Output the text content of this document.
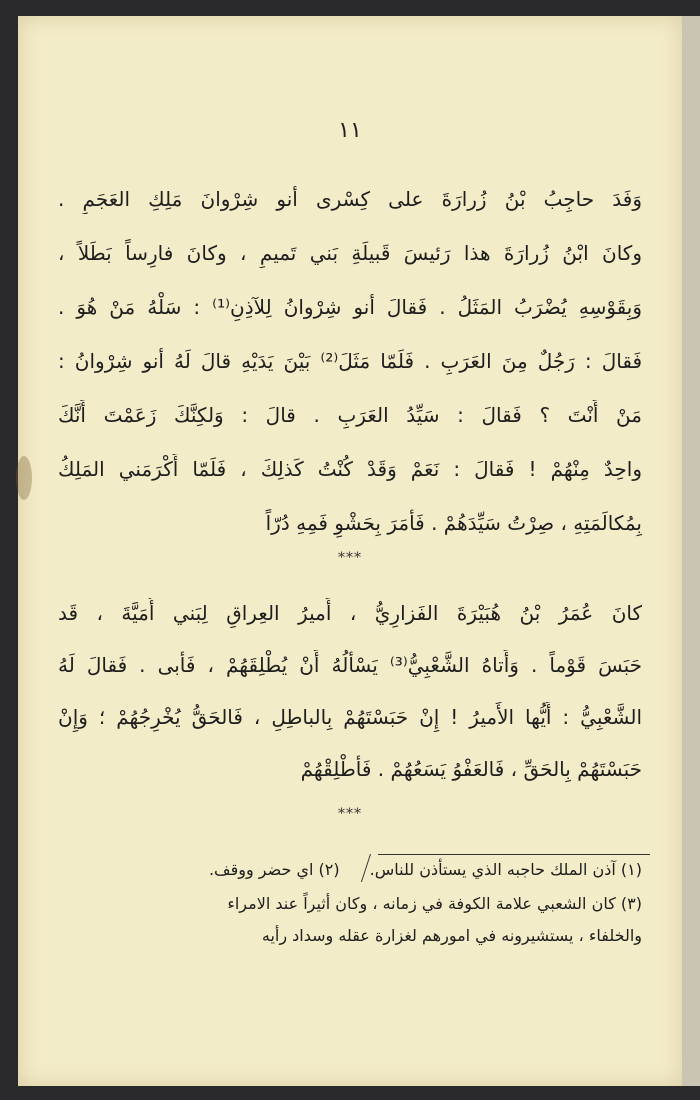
١١
وَفَدَ حاجِبُ بْنُ زُرارَةَ على كِسْرى أنو شِرْوانَ مَلِكِ العَجَمِ .
وكانَ ابْنُ زُرارَةَ هذا رَئيسَ قَبيلَةِ بَني تَميمٍ ، وكانَ فارِساً بَطَلاً ،
وَبِقَوْسِهِ يُضْرَبُ المَثَلُ . فَقالَ أنو شِرْوانُ لِلآذِنِ⁽¹⁾ : سَلْهُ مَنْ هُوَ .
فَقالَ : رَجُلٌ مِنَ العَرَبِ . فَلَمّا مَثَلَ⁽²⁾ بَيْنَ يَدَيْهِ قالَ لَهُ أنو شِرْوانُ :
مَنْ أَنْتَ ؟ فَقالَ : سَيِّدُ العَرَبِ . قالَ : وَلكِنَّكَ زَعَمْتَ أَنَّكَ
واحِدٌ مِنْهُمْ ! فَقالَ : نَعَمْ وَقَدْ كُنْتُ كَذلِكَ ، فَلَمّا أَكْرَمَني المَلِكُ
بِمُكالَمَتِهِ ، صِرْتُ سَيِّدَهُمْ . فَأَمَرَ بِحَشْوِ فَمِهِ دُرّاً
***
كانَ عُمَرُ بْنُ هُبَيْرَةَ الفَزارِيُّ ، أَميرُ العِراقِ لِبَني أُمَيَّةَ ، قَد
حَبَسَ قَوْماً . وَأَتاهُ الشَّعْبِيُّ⁽³⁾ يَسْأَلُهُ أَنْ يُطْلِقَهُمْ ، فَأَبى . فَقالَ لَهُ
الشَّعْبِيُّ : أَيُّها الأَميرُ ! إِنْ حَبَسْتَهُمْ بِالباطِلِ ، فَالحَقُّ يُخْرِجُهُمْ ؛ وَإِنْ
حَبَسْتَهُمْ بِالحَقِّ ، فَالعَفْوُ يَسَعُهُمْ . فَأَطْلِقْهُمْ
***
(١) آذن الملك حاجبه الذي يستأذن للناس.(٢) اي حضر ووقف.
(٣) كان الشعبي علامة الكوفة في زمانه ، وكان أثيراً عند الامراء
والخلفاء ، يستشيرونه في امورهم لغزارة عقله وسداد رأيه
